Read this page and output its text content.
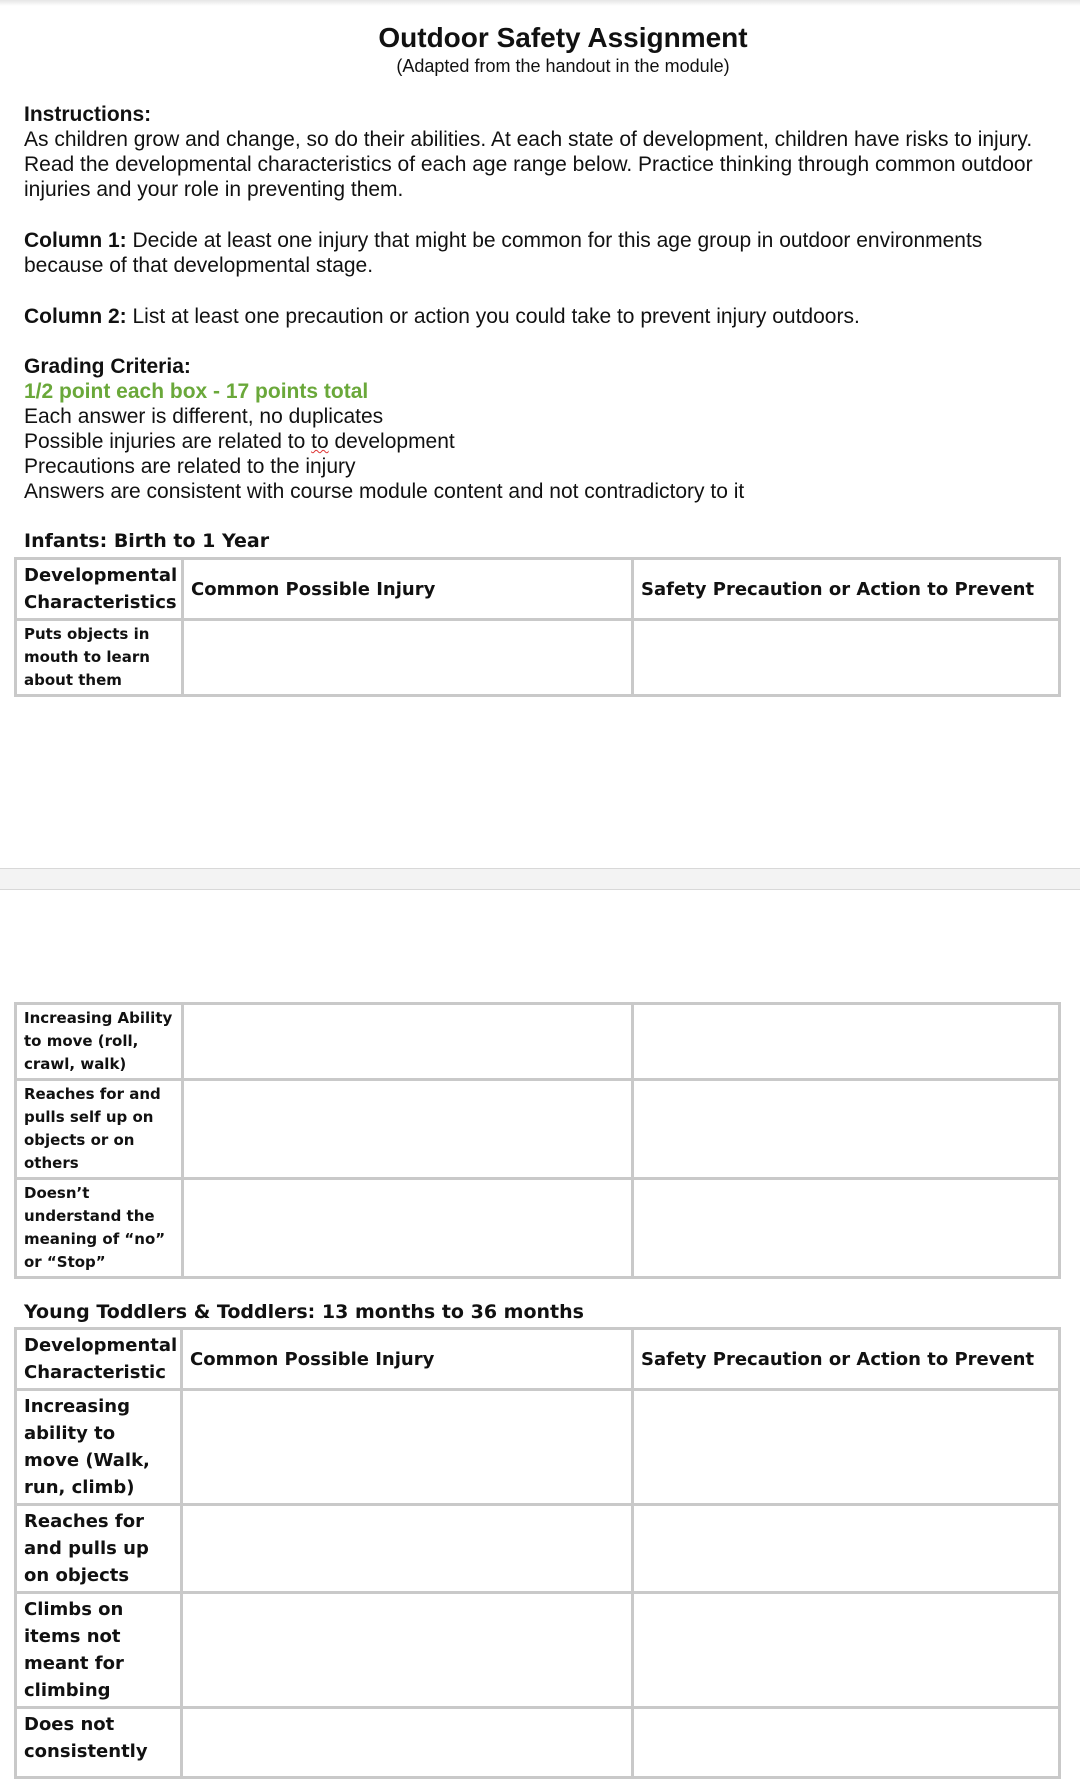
Outdoor Safety Assignment
(Adapted from the handout in the module)
Instructions:
As children grow and change, so do their abilities. At each state of development, children have risks to injury. Read the developmental characteristics of each age range below. Practice thinking through common outdoor injuries and your role in preventing them.
Column 1: Decide at least one injury that might be common for this age group in outdoor environments because of that developmental stage.
Column 2: List at least one precaution or action you could take to prevent injury outdoors.
Grading Criteria:
1/2 point each box - 17 points total
Each answer is different, no duplicates
Possible injuries are related to to development
Precautions are related to the injury
Answers are consistent with course module content and not contradictory to it
Infants: Birth to 1 Year
Developmental Characteristics	Common Possible Injury	Safety Precaution or Action to Prevent
Puts objects in mouth to learn about them		
Increasing Ability to move (roll, crawl, walk)		
Reaches for and pulls self up on objects or on others		
Doesn’t understand the meaning of “no” or “Stop”		
Young Toddlers & Toddlers: 13 months to 36 months
Developmental Characteristic	Common Possible Injury	Safety Precaution or Action to Prevent
Increasing ability to move (Walk, run, climb)		
Reaches for and pulls up on objects		
Climbs on items not meant for climbing		
Does not consistently		
